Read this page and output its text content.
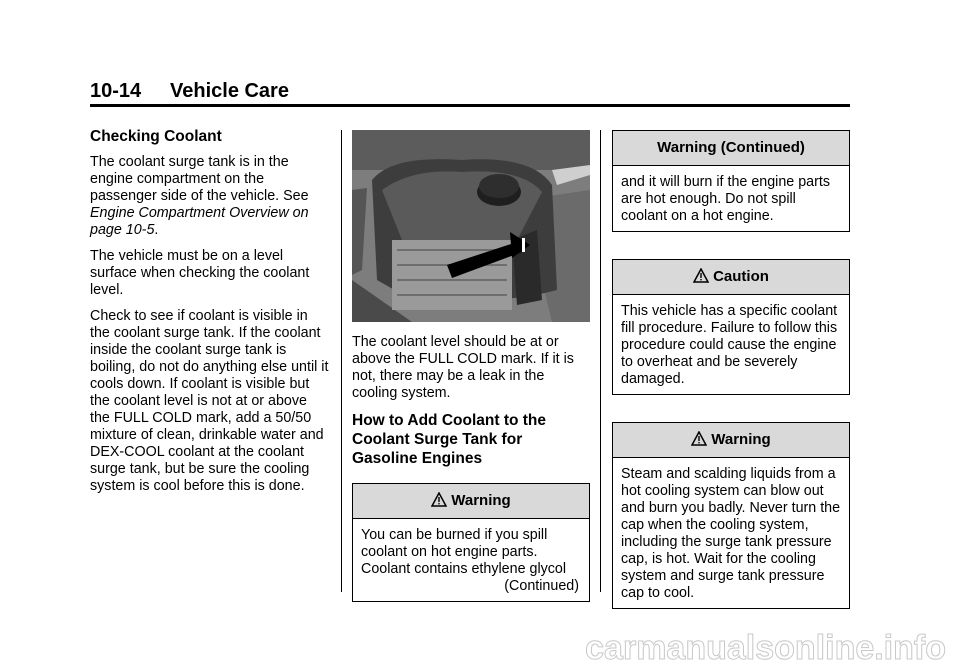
10-14 Vehicle Care
Checking Coolant

The coolant surge tank is in the engine compartment on the passenger side of the vehicle. See Engine Compartment Overview on page 10-5.

The vehicle must be on a level surface when checking the coolant level.

Check to see if coolant is visible in the coolant surge tank. If the coolant inside the coolant surge tank is boiling, do not do anything else until it cools down. If coolant is visible but the coolant level is not at or above the FULL COLD mark, add a 50/50 mixture of clean, drinkable water and DEX-COOL coolant at the coolant surge tank, but be sure the cooling system is cool before this is done.

The coolant level should be at or above the FULL COLD mark. If it is not, there may be a leak in the cooling system.

How to Add Coolant to the Coolant Surge Tank for Gasoline Engines
Warning
You can be burned if you spill coolant on hot engine parts. Coolant contains ethylene glycol
(Continued)
Warning (Continued)
and it will burn if the engine parts are hot enough. Do not spill coolant on a hot engine.
Caution
This vehicle has a specific coolant fill procedure. Failure to follow this procedure could cause the engine to overheat and be severely damaged.
Warning
Steam and scalding liquids from a hot cooling system can blow out and burn you badly. Never turn the cap when the cooling system, including the surge tank pressure cap, is hot. Wait for the cooling system and surge tank pressure cap to cool.
carmanualsonline.info
